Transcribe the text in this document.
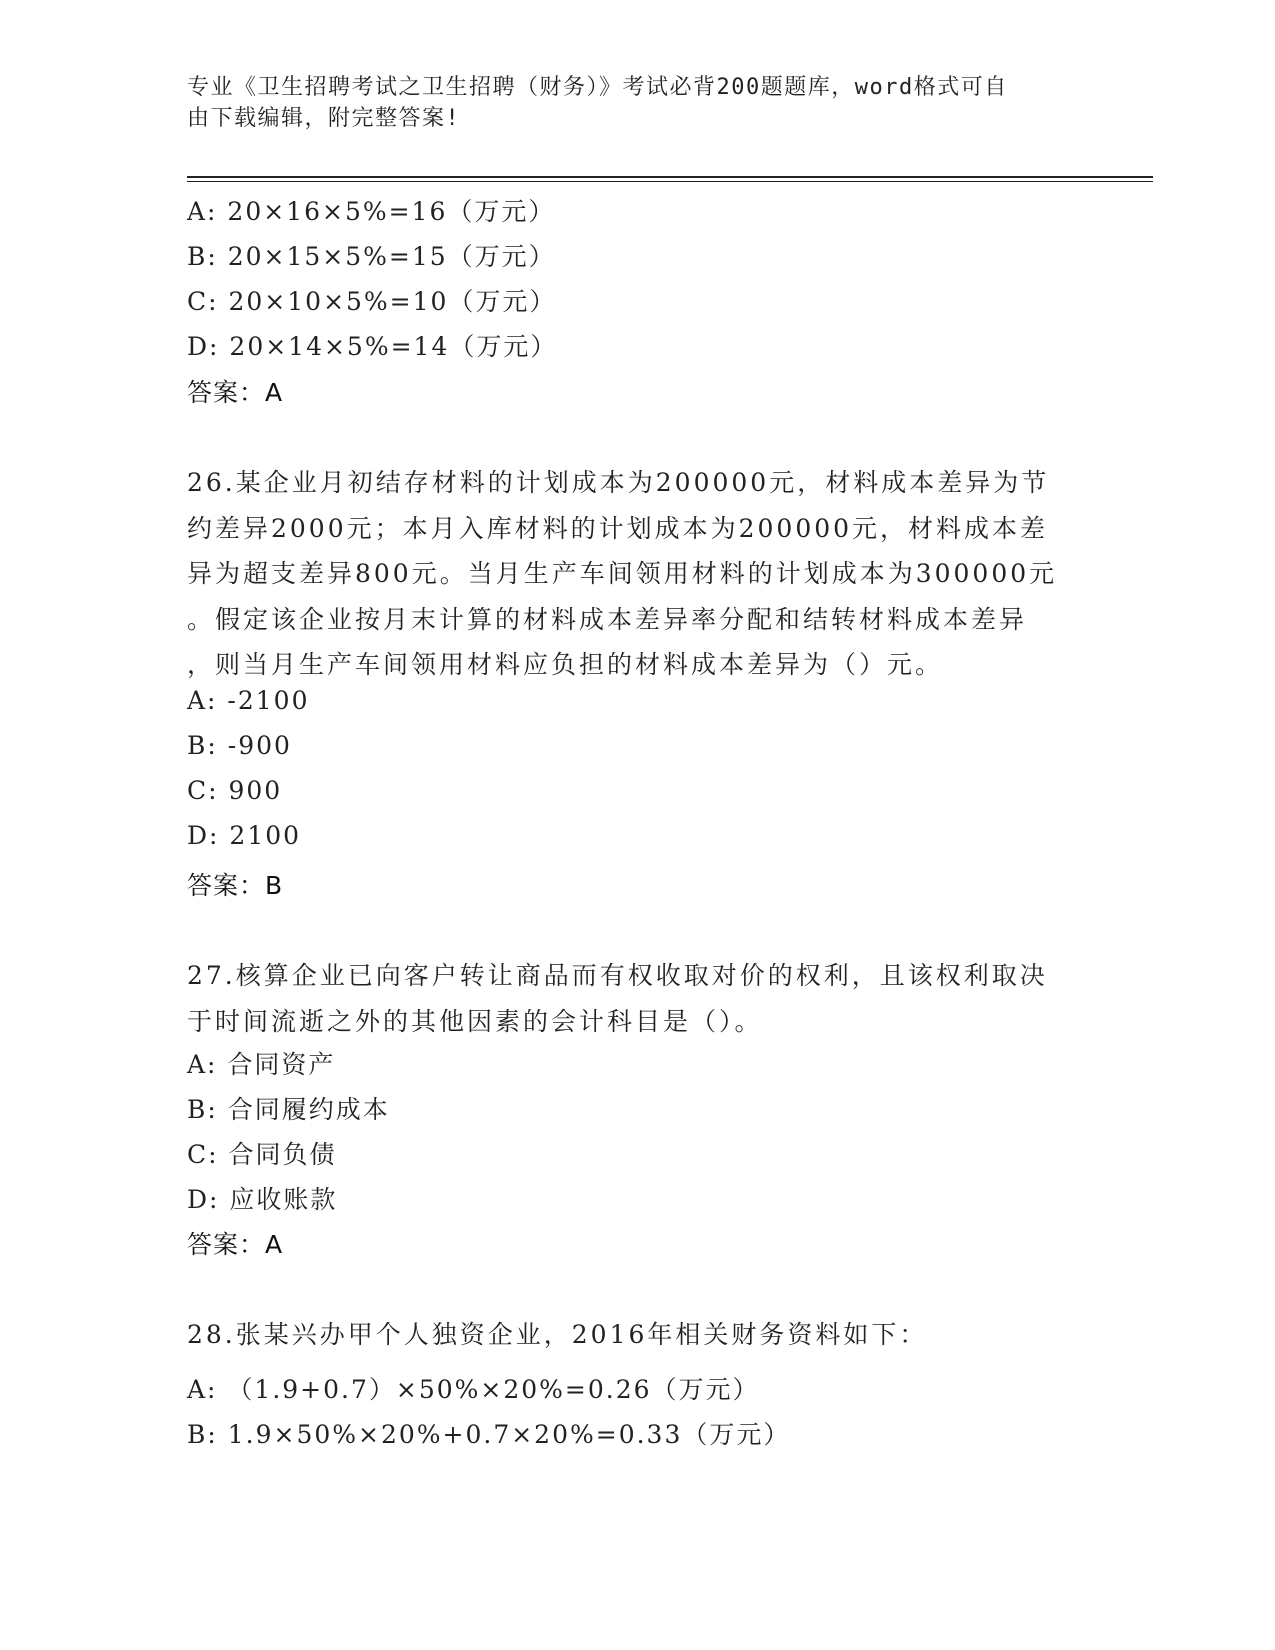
专业《卫生招聘考试之卫生招聘（财务）》考试必背200题题库，word格式可自
由下载编辑，附完整答案!
A: 20×16×5%=16（万元）
B: 20×15×5%=15（万元）
C: 20×10×5%=10（万元）
D: 20×14×5%=14（万元）
答案：A
26.某企业月初结存材料的计划成本为200000元，材料成本差异为节
约差异2000元；本月入库材料的计划成本为200000元，材料成本差
异为超支差异800元。当月生产车间领用材料的计划成本为300000元
。假定该企业按月末计算的材料成本差异率分配和结转材料成本差异
，则当月生产车间领用材料应负担的材料成本差异为（）元。
A: -2100
B: -900
C: 900
D: 2100
答案：B
27.核算企业已向客户转让商品而有权收取对价的权利，且该权利取决
于时间流逝之外的其他因素的会计科目是（）。
A: 合同资产
B: 合同履约成本
C: 合同负债
D: 应收账款
答案：A
28.张某兴办甲个人独资企业，2016年相关财务资料如下：
A: （1.9+0.7）×50%×20%=0.26（万元）
B: 1.9×50%×20%+0.7×20%=0.33（万元）
